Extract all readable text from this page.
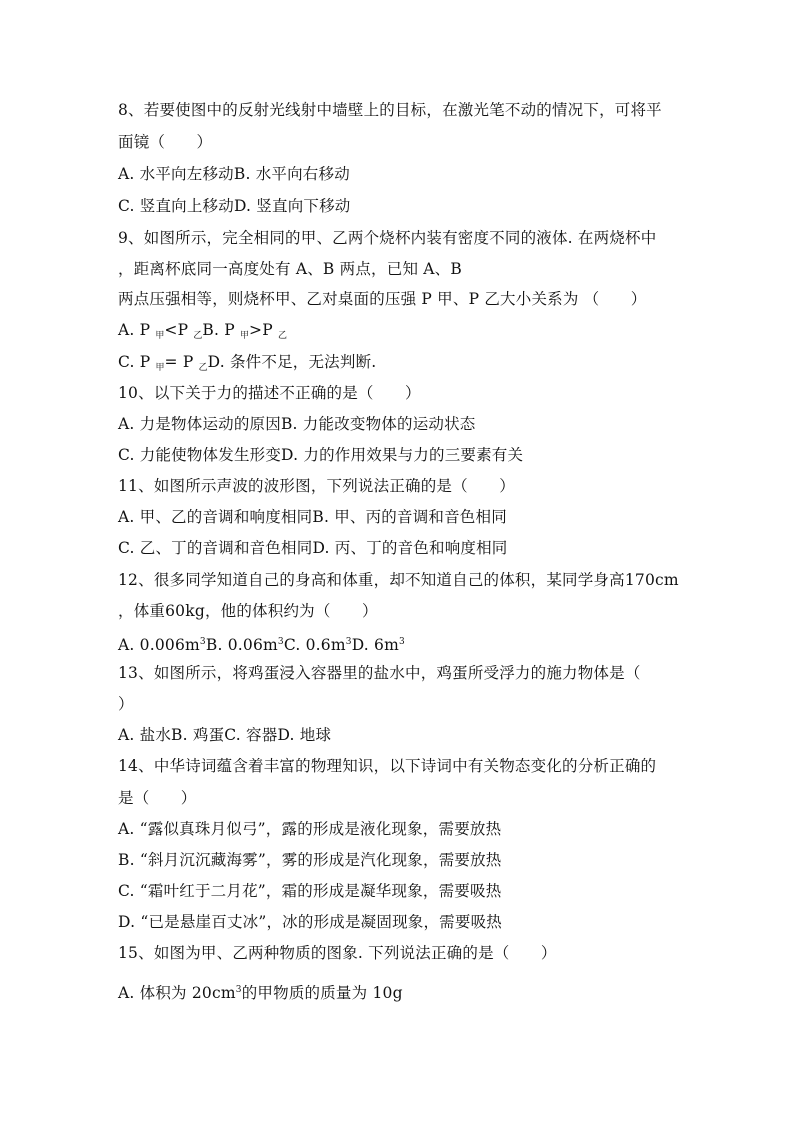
8、若要使图中的反射光线射中墙壁上的目标，在激光笔不动的情况下，可将平
面镜（　　）
A. 水平向左移动B. 水平向右移动
C. 竖直向上移动D. 竖直向下移动
9、如图所示，完全相同的甲、乙两个烧杯内装有密度不同的液体. 在两烧杯中
，距离杯底同一高度处有 A、B 两点，已知 A、B
两点压强相等，则烧杯甲、乙对桌面的压强 P 甲、P 乙大小关系为 （　　）
A. P $_甲$<P $_乙$B. P $_甲$>P $_乙$
C. P $_甲$= P $_乙$D. 条件不足，无法判断.
10、以下关于力的描述不正确的是（　　）
A. 力是物体运动的原因B. 力能改变物体的运动状态
C. 力能使物体发生形变D. 力的作用效果与力的三要素有关
11、如图所示声波的波形图，下列说法正确的是（　　）
A. 甲、乙的音调和响度相同B. 甲、丙的音调和音色相同
C. 乙、丁的音调和音色相同D. 丙、丁的音色和响度相同
12、很多同学知道自己的身高和体重，却不知道自己的体积，某同学身高170cm
，体重60kg，他的体积约为（　　）
A. $0.006m^3B$. $0.06m^3C$. $0.6m^3D$. $6m^3$
13、如图所示，将鸡蛋浸入容器里的盐水中，鸡蛋所受浮力的施力物体是（
）
A. 盐水B. 鸡蛋C. 容器D. 地球
14、中华诗词蕴含着丰富的物理知识，以下诗词中有关物态变化的分析正确的
是（　　）
A. “露似真珠月似弓”，露的形成是液化现象，需要放热
B. “斜月沉沉藏海雾”，雾的形成是汽化现象，需要放热
C. “霜叶红于二月花”，霜的形成是凝华现象，需要吸热
D. “已是悬崖百丈冰”，冰的形成是凝固现象，需要吸热
15、如图为甲、乙两种物质的图象. 下列说法正确的是（　　）
A. 体积为 $20cm^3$的甲物质的质量为 10g
